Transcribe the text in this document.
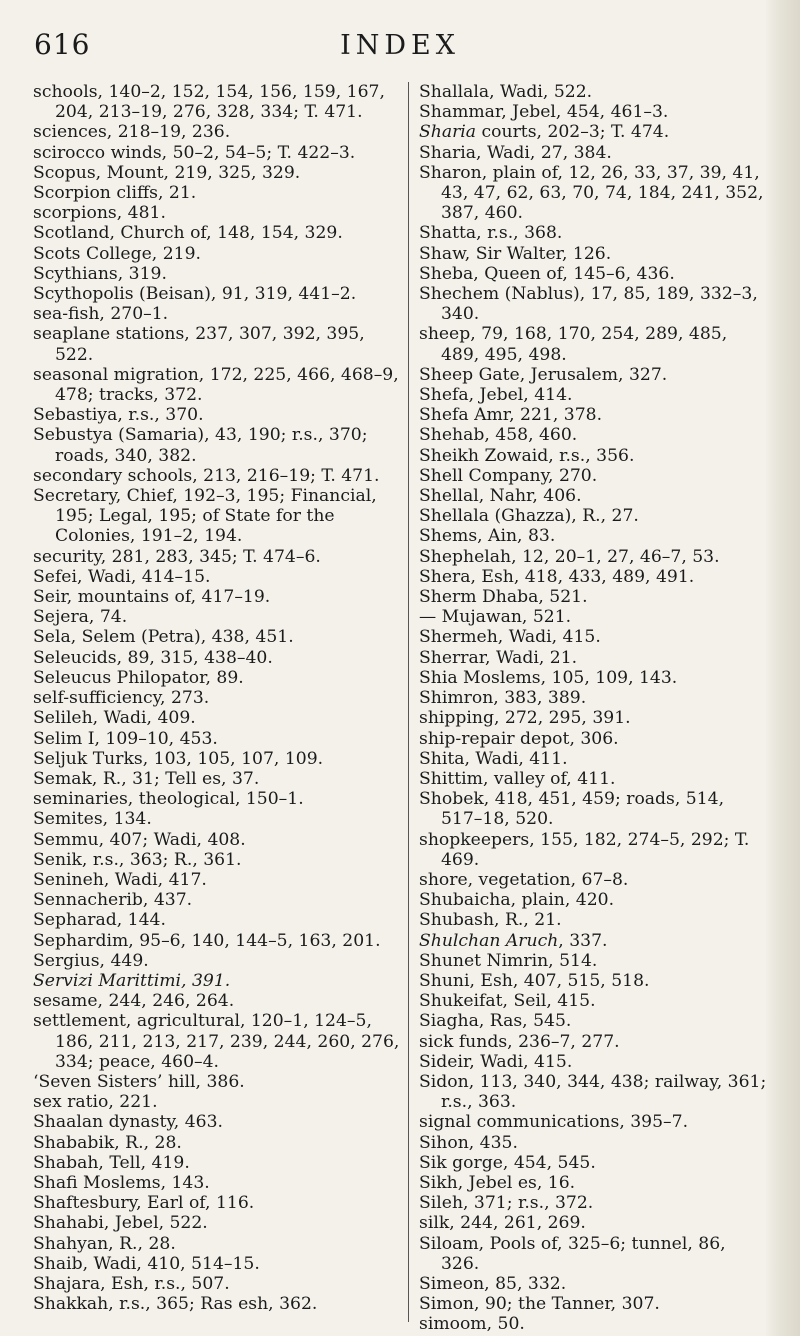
616	INDEX
schools, 140–2, 152, 154, 156, 159, 167, 204, 213–19, 276, 328, 334; T. 471.
sciences, 218–19, 236.
scirocco winds, 50–2, 54–5; T. 422–3.
Scopus, Mount, 219, 325, 329.
Scorpion cliffs, 21.
scorpions, 481.
Scotland, Church of, 148, 154, 329.
Scots College, 219.
Scythians, 319.
Scythopolis (Beisan), 91, 319, 441–2.
sea-fish, 270–1.
seaplane stations, 237, 307, 392, 395, 522.
seasonal migration, 172, 225, 466, 468–9, 478; tracks, 372.
Sebastiya, r.s., 370.
Sebustya (Samaria), 43, 190; r.s., 370; roads, 340, 382.
secondary schools, 213, 216–19; T. 471.
Secretary, Chief, 192–3, 195; Financial, 195; Legal, 195; of State for the Colonies, 191–2, 194.
security, 281, 283, 345; T. 474–6.
Sefei, Wadi, 414–15.
Seir, mountains of, 417–19.
Sejera, 74.
Sela, Selem (Petra), 438, 451.
Seleucids, 89, 315, 438–40.
Seleucus Philopator, 89.
self-sufficiency, 273.
Selileh, Wadi, 409.
Selim I, 109–10, 453.
Seljuk Turks, 103, 105, 107, 109.
Semak, R., 31; Tell es, 37.
seminaries, theological, 150–1.
Semites, 134.
Semmu, 407; Wadi, 408.
Senik, r.s., 363; R., 361.
Senineh, Wadi, 417.
Sennacherib, 437.
Sepharad, 144.
Sephardim, 95–6, 140, 144–5, 163, 201.
Sergius, 449.
Servizi Marittimi, 391.
sesame, 244, 246, 264.
settlement, agricultural, 120–1, 124–5, 186, 211, 213, 217, 239, 244, 260, 276, 334; peace, 460–4.
‘Seven Sisters’ hill, 386.
sex ratio, 221.
Shaalan dynasty, 463.
Shababik, R., 28.
Shabah, Tell, 419.
Shafi Moslems, 143.
Shaftesbury, Earl of, 116.
Shahabi, Jebel, 522.
Shahyan, R., 28.
Shaib, Wadi, 410, 514–15.
Shajara, Esh, r.s., 507.
Shakkah, r.s., 365; Ras esh, 362.
Shallala, Wadi, 522.
Shammar, Jebel, 454, 461–3.
Sharia courts, 202–3; T. 474.
Sharia, Wadi, 27, 384.
Sharon, plain of, 12, 26, 33, 37, 39, 41, 43, 47, 62, 63, 70, 74, 184, 241, 352, 387, 460.
Shatta, r.s., 368.
Shaw, Sir Walter, 126.
Sheba, Queen of, 145–6, 436.
Shechem (Nablus), 17, 85, 189, 332–3, 340.
sheep, 79, 168, 170, 254, 289, 485, 489, 495, 498.
Sheep Gate, Jerusalem, 327.
Shefa, Jebel, 414.
Shefa Amr, 221, 378.
Shehab, 458, 460.
Sheikh Zowaid, r.s., 356.
Shell Company, 270.
Shellal, Nahr, 406.
Shellala (Ghazza), R., 27.
Shems, Ain, 83.
Shephelah, 12, 20–1, 27, 46–7, 53.
Shera, Esh, 418, 433, 489, 491.
Sherm Dhaba, 521.
— Mujawan, 521.
Shermeh, Wadi, 415.
Sherrar, Wadi, 21.
Shia Moslems, 105, 109, 143.
Shimron, 383, 389.
shipping, 272, 295, 391.
ship-repair depot, 306.
Shita, Wadi, 411.
Shittim, valley of, 411.
Shobek, 418, 451, 459; roads, 514, 517–18, 520.
shopkeepers, 155, 182, 274–5, 292; T. 469.
shore, vegetation, 67–8.
Shubaicha, plain, 420.
Shubash, R., 21.
Shulchan Aruch, 337.
Shunet Nimrin, 514.
Shuni, Esh, 407, 515, 518.
Shukeifat, Seil, 415.
Siagha, Ras, 545.
sick funds, 236–7, 277.
Sideir, Wadi, 415.
Sidon, 113, 340, 344, 438; railway, 361; r.s., 363.
signal communications, 395–7.
Sihon, 435.
Sik gorge, 454, 545.
Sikh, Jebel es, 16.
Sileh, 371; r.s., 372.
silk, 244, 261, 269.
Siloam, Pools of, 325–6; tunnel, 86, 326.
Simeon, 85, 332.
Simon, 90; the Tanner, 307.
simoom, 50.
